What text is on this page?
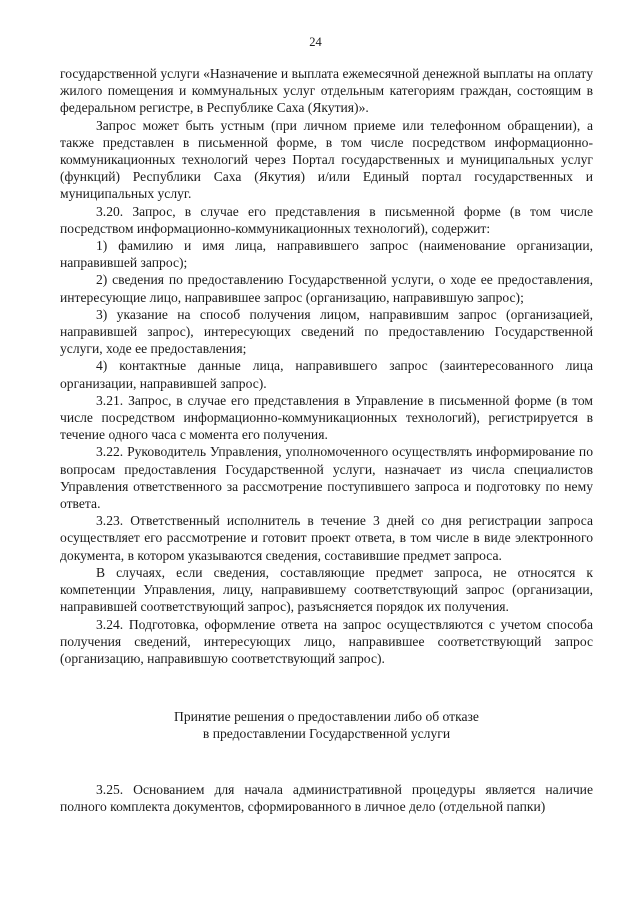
24

государственной услуги «Назначение и выплата ежемесячной денежной выплаты на оплату жилого помещения и коммунальных услуг отдельным категориям граждан, состоящим в федеральном регистре, в Республике Саха (Якутия)».

Запрос может быть устным (при личном приеме или телефонном обращении), а также представлен в письменной форме, в том числе посредством информационно-коммуникационных технологий через Портал государственных и муниципальных услуг (функций) Республики Саха (Якутия) и/или Единый портал государственных и муниципальных услуг.

3.20. Запрос, в случае его представления в письменной форме (в том числе посредством информационно-коммуникационных технологий), содержит:

1) фамилию и имя лица, направившего запрос (наименование организации, направившей запрос);

2) сведения по предоставлению Государственной услуги, о ходе ее предоставления, интересующие лицо, направившее запрос (организацию, направившую запрос);

3) указание на способ получения лицом, направившим запрос (организацией, направившей запрос), интересующих сведений по предоставлению Государственной услуги, ходе ее предоставления;

4) контактные данные лица, направившего запрос (заинтересованного лица организации, направившей запрос).

3.21. Запрос, в случае его представления в Управление в письменной форме (в том числе посредством информационно-коммуникационных технологий), регистрируется в течение одного часа с момента его получения.

3.22. Руководитель Управления, уполномоченного осуществлять информирование по вопросам предоставления Государственной услуги, назначает из числа специалистов Управления ответственного за рассмотрение поступившего запроса и подготовку по нему ответа.

3.23. Ответственный исполнитель в течение 3 дней со дня регистрации запроса осуществляет его рассмотрение и готовит проект ответа, в том числе в виде электронного документа, в котором указываются сведения, составившие предмет запроса.

В случаях, если сведения, составляющие предмет запроса, не относятся к компетенции Управления, лицу, направившему соответствующий запрос (организации, направившей соответствующий запрос), разъясняется порядок их получения.

3.24. Подготовка, оформление ответа на запрос осуществляются с учетом способа получения сведений, интересующих лицо, направившее соответствующий запрос (организацию, направившую соответствующий запрос).

Принятие решения о предоставлении либо об отказе

в предоставлении Государственной услуги

3.25. Основанием для начала административной процедуры является наличие полного комплекта документов, сформированного в личное дело (отдельной папки)
